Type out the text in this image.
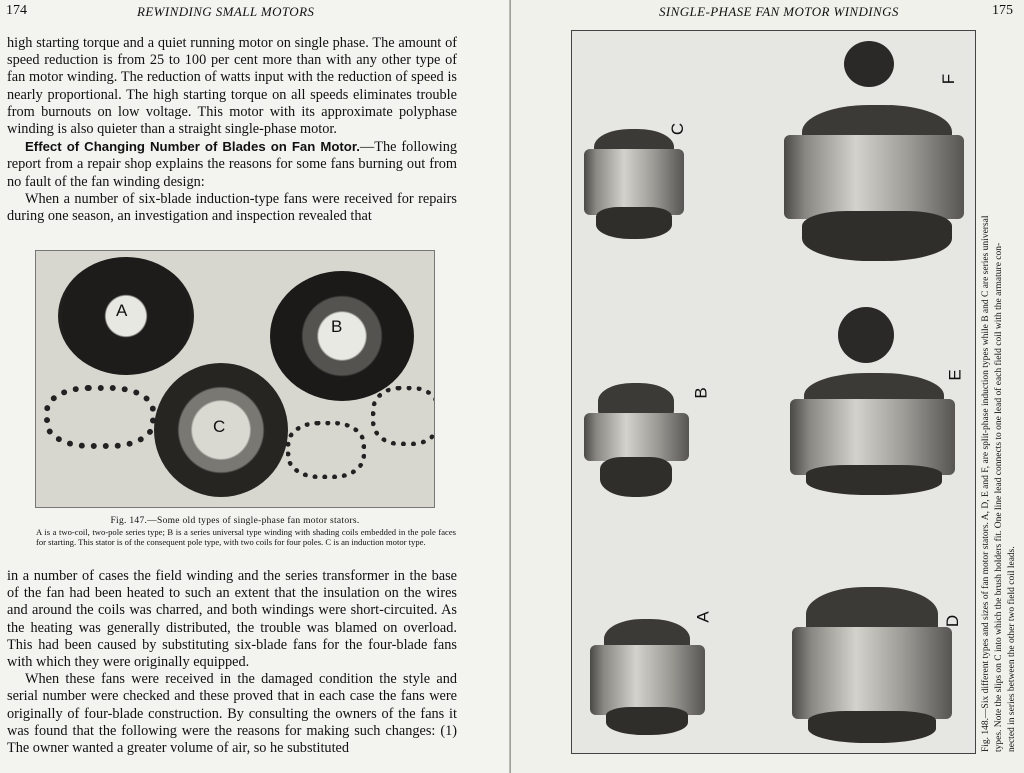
174	REWINDING SMALL MOTORS

high starting torque and a quiet running motor on single phase. The amount of speed reduction is from 25 to 100 per cent more than with any other type of fan motor winding. The reduction of watts input with the reduction of speed is nearly proportional. The high starting torque on all speeds eliminates trouble from burnouts on low voltage. This motor with its approximate polyphase winding is also quieter than a straight single-phase motor.

Effect of Changing Number of Blades on Fan Motor.—The following report from a repair shop explains the reasons for some fans burning out from no fault of the fan winding design:

When a number of six-blade induction-type fans were received for repairs during one season, an investigation and inspection revealed that

A
B
C
Fig. 147.—Some old types of single-phase fan motor stators.
A is a two-coil, two-pole series type; B is a series universal type winding with shading coils embedded in the pole faces for starting. This stator is of the consequent pole type, with two coils for four poles. C is an induction motor type.

in a number of cases the field winding and the series transformer in the base of the fan had been heated to such an extent that the insulation on the wires and around the coils was charred, and both windings were short-circuited. As the heating was generally distributed, the trouble was blamed on overload. This had been caused by substituting six-blade fans for the four-blade fans with which they were originally equipped.

When these fans were received in the damaged condition the style and serial number were checked and these proved that in each case the fans were originally of four-blade construction. By consulting the owners of the fans it was found that the following were the reasons for making such changes: (1) The owner wanted a greater volume of air, so he substituted

SINGLE-PHASE FAN MOTOR WINDINGS	175
C
F
B
E
A	D Fig. 148.—Six different types and sizes of fan motor stators. A, D, E and F, are split-phase induction types while B and C are series universal types. Note the slips on C into which the brush holders fit. One line lead connects to one lead of each field coil with the armature con- nected in series between the other two field coil leads.
